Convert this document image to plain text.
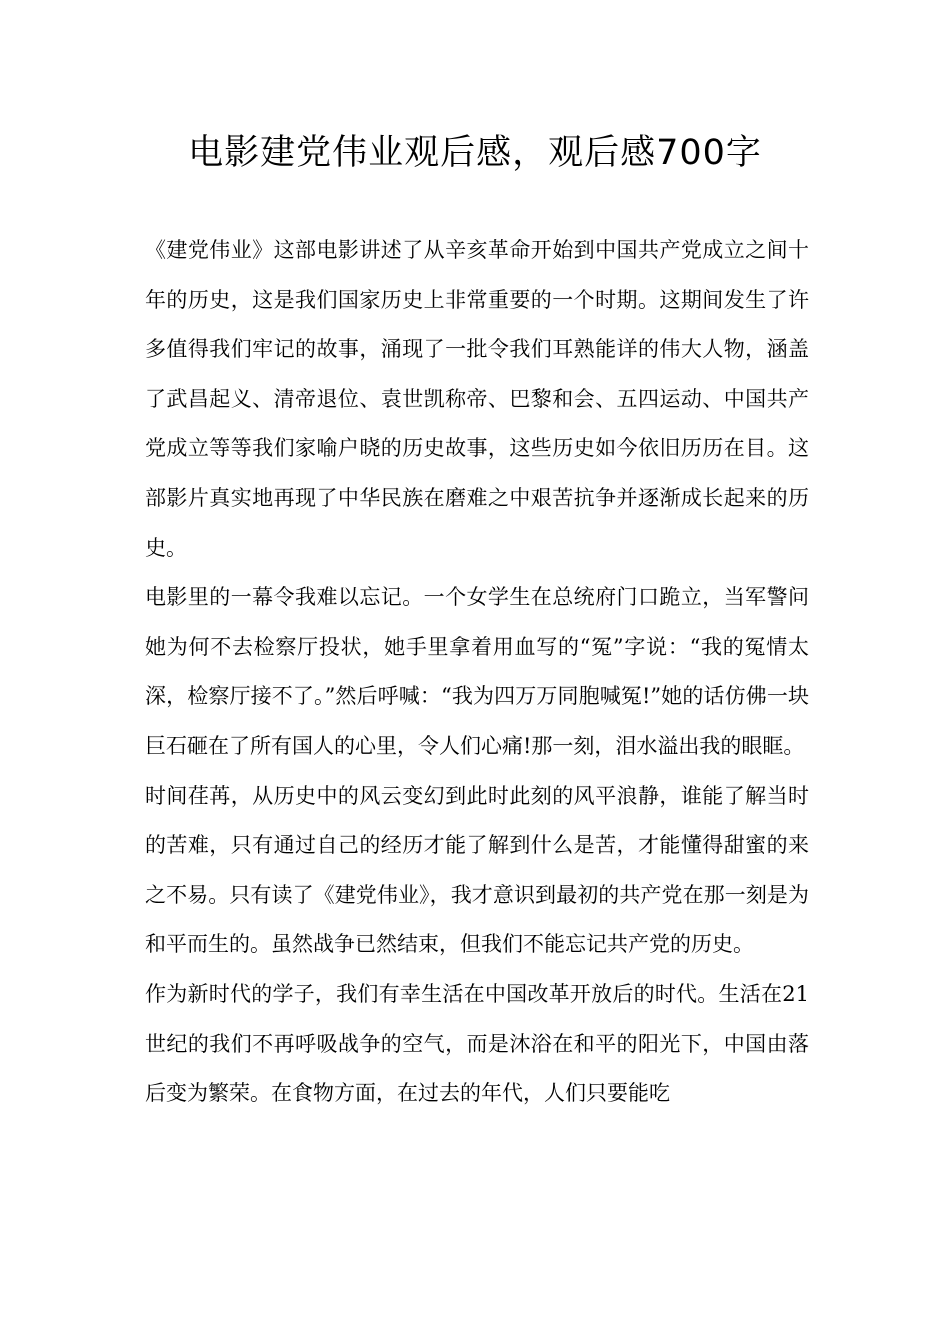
电影建党伟业观后感，观后感700字

《建党伟业》这部电影讲述了从辛亥革命开始到中国共产党成立之间十年的历史，这是我们国家历史上非常重要的一个时期。这期间发生了许多值得我们牢记的故事，涌现了一批令我们耳熟能详的伟大人物，涵盖了武昌起义、清帝退位、袁世凯称帝、巴黎和会、五四运动、中国共产党成立等等我们家喻户晓的历史故事，这些历史如今依旧历历在目。这部影片真实地再现了中华民族在磨难之中艰苦抗争并逐渐成长起来的历史。

电影里的一幕令我难以忘记。一个女学生在总统府门口跪立，当军警问她为何不去检察厅投状，她手里拿着用血写的“冤”字说：“我的冤情太深，检察厅接不了。”然后呼喊：“我为四万万同胞喊冤!”她的话仿佛一块巨石砸在了所有国人的心里，令人们心痛!那一刻，泪水溢出我的眼眶。

时间荏苒，从历史中的风云变幻到此时此刻的风平浪静，谁能了解当时的苦难，只有通过自己的经历才能了解到什么是苦，才能懂得甜蜜的来之不易。只有读了《建党伟业》，我才意识到最初的共产党在那一刻是为和平而生的。虽然战争已然结束，但我们不能忘记共产党的历史。

作为新时代的学子，我们有幸生活在中国改革开放后的时代。生活在21世纪的我们不再呼吸战争的空气，而是沐浴在和平的阳光下，中国由落后变为繁荣。在食物方面，在过去的年代，人们只要能吃
